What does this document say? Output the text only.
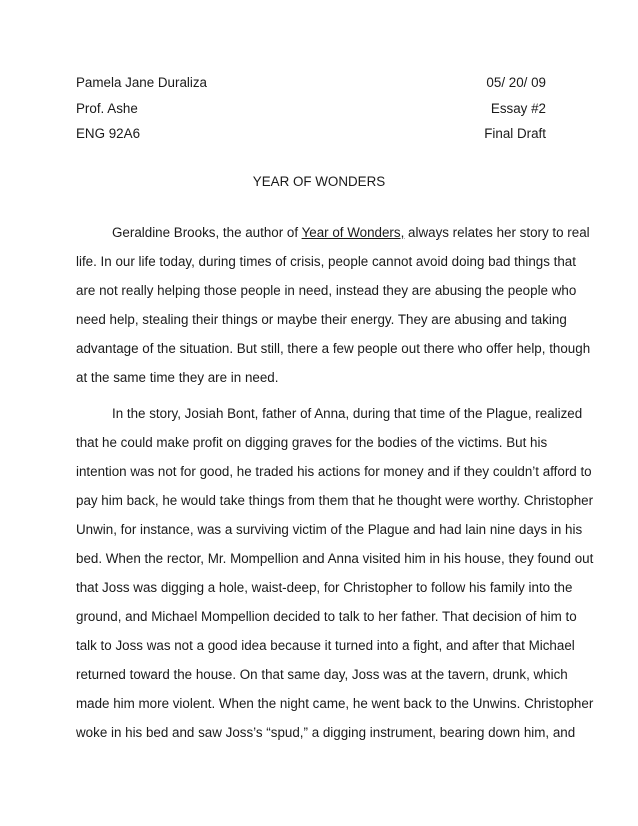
Pamela Jane Duraliza	05/ 20/ 09
Prof. Ashe	Essay #2
ENG 92A6	Final Draft
YEAR OF WONDERS
Geraldine Brooks, the author of Year of Wonders, always relates her story to real
life. In our life today, during times of crisis, people cannot avoid doing bad things that
are not really helping those people in need, instead they are abusing the people who
need help, stealing their things or maybe their energy. They are abusing and taking
advantage of the situation. But still, there a few people out there who offer help, though
at the same time they are in need.
In the story, Josiah Bont, father of Anna, during that time of the Plague, realized
that he could make profit on digging graves for the bodies of the victims. But his
intention was not for good, he traded his actions for money and if they couldn’t afford to
pay him back, he would take things from them that he thought were worthy. Christopher
Unwin, for instance, was a surviving victim of the Plague and had lain nine days in his
bed. When the rector, Mr. Mompellion and Anna visited him in his house, they found out
that Joss was digging a hole, waist-deep, for Christopher to follow his family into the
ground, and Michael Mompellion decided to talk to her father. That decision of him to
talk to Joss was not a good idea because it turned into a fight, and after that Michael
returned toward the house. On that same day, Joss was at the tavern, drunk, which
made him more violent. When the night came, he went back to the Unwins. Christopher
woke in his bed and saw Joss’s “spud,” a digging instrument, bearing down him, and
